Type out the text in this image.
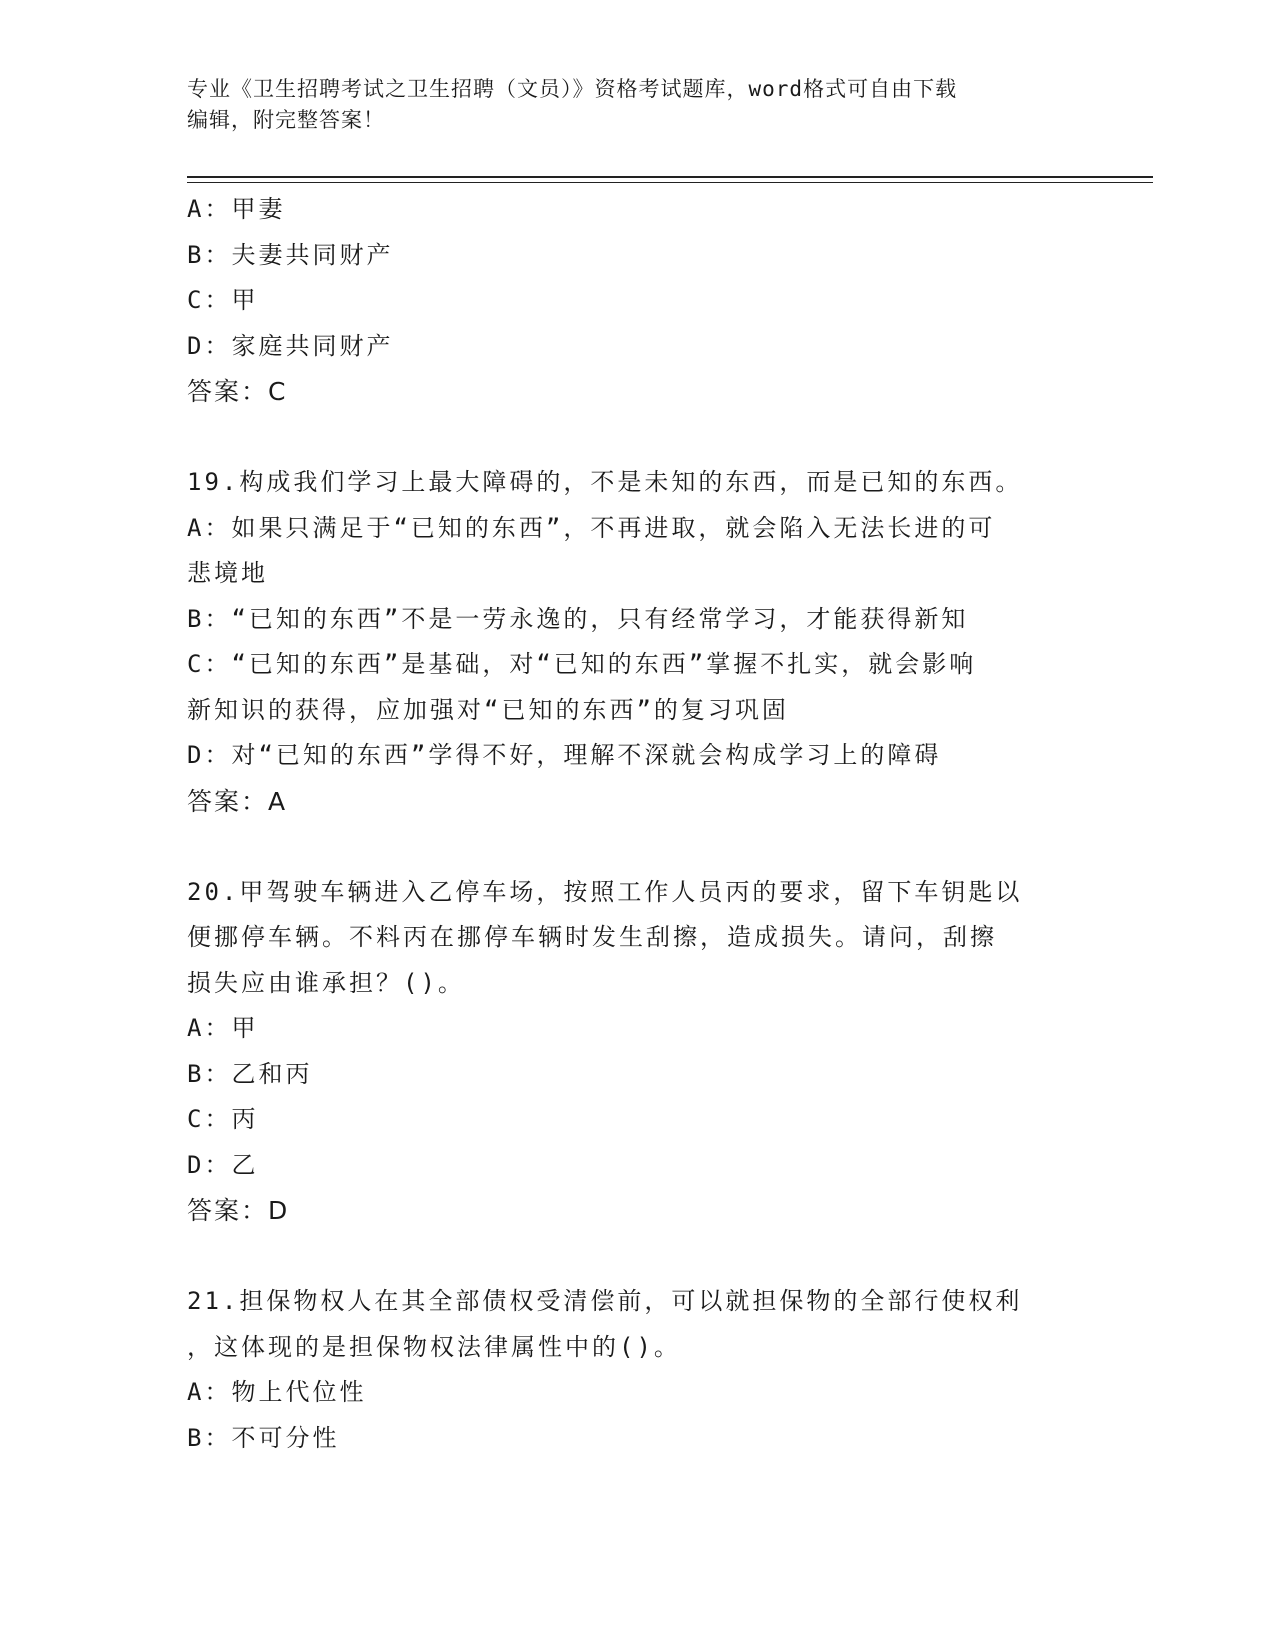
专业《卫生招聘考试之卫生招聘（文员）》资格考试题库，word格式可自由下载
编辑，附完整答案！
A：甲妻
B：夫妻共同财产
C：甲
D：家庭共同财产
答案：C
19.构成我们学习上最大障碍的，不是未知的东西，而是已知的东西。
A：如果只满足于“已知的东西”，不再进取，就会陷入无法长进的可
悲境地
B：“已知的东西”不是一劳永逸的，只有经常学习，才能获得新知
C：“已知的东西”是基础，对“已知的东西”掌握不扎实，就会影响
新知识的获得，应加强对“已知的东西”的复习巩固
D：对“已知的东西”学得不好，理解不深就会构成学习上的障碍
答案：A
20.甲驾驶车辆进入乙停车场，按照工作人员丙的要求，留下车钥匙以
便挪停车辆。不料丙在挪停车辆时发生刮擦，造成损失。请问，刮擦
损失应由谁承担？()。
A：甲
B：乙和丙
C：丙
D：乙
答案：D
21.担保物权人在其全部债权受清偿前，可以就担保物的全部行使权利
，这体现的是担保物权法律属性中的()。
A：物上代位性
B：不可分性
